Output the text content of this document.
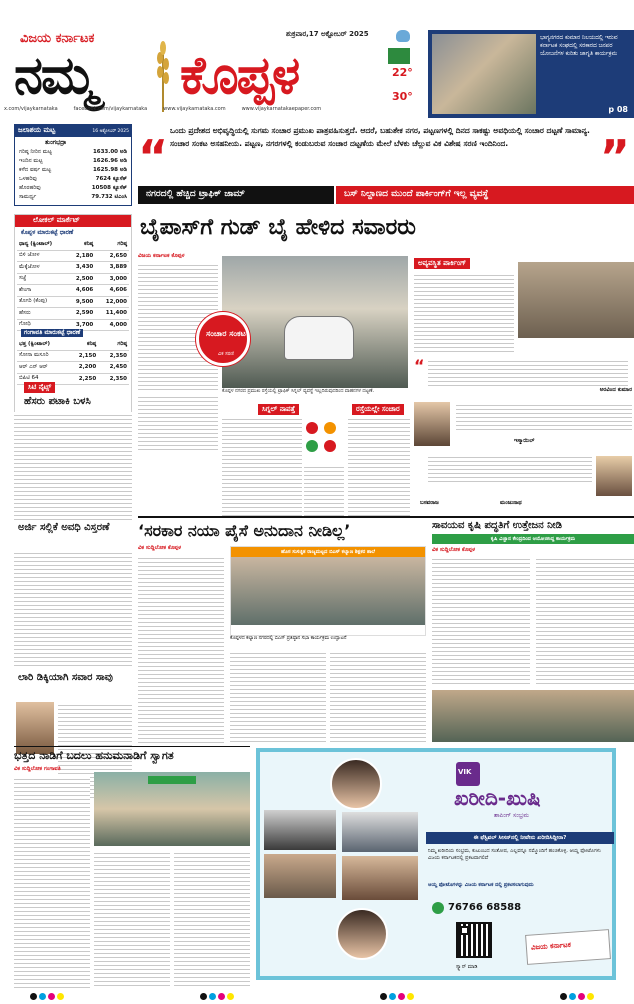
ವಿಜಯ ಕರ್ನಾಟಕ
ನಮ್ಮ ಕೊಪ್ಪಳ
ಶುಕ್ರವಾರ,17 ಅಕ್ಟೋಬರ್ 2025
22°
30°
ಭಾಗ್ಯನಗರದ ಕುಮಾರ ನಿಲಯದಲ್ಲಿ ಇರುವ ಕರ್ನಾಟಕ ಸಂಘದಲ್ಲಿ ಸರಕಾರದ ಜನಪರ ಯೋಜನೆಗಳ ಕುರಿತು ಜಾಗೃತಿ ಕಾರ್ಯಕ್ರಮ
p 08
x.com/vijaykarnataka	facebook.com/vijaykarnataka	www.vijaykarnataka.com	www.vijaykarnatakaepaper.com
ಜಲಾಶಯ ಮಟ್ಟ	16 ಅಕ್ಟೋಬರ್ 2025
ತುಂಗಭದ್ರಾ
ಗರಿಷ್ಠ ನೀರಿನ ಮಟ್ಟ	1633.00 ಅಡಿ
ಇಂದಿನ ಮಟ್ಟ	1626.96 ಅಡಿ
ಕಳೆದ ವರ್ಷ ಮಟ್ಟ	1625.98 ಅಡಿ
ಒಳಹರಿವು	7624 ಕ್ಯೂಸೆಕ್
ಹೊರಹರಿವು	10508 ಕ್ಯೂಸೆಕ್
ಸಾಮರ್ಥ್ಯ	79.732 ಟಿಎಂಸಿ
ಲೋಕಲ್ ಮಾರ್ಕೆಟ್
ಕೊಪ್ಪಳ ಮಾರುಕಟ್ಟೆ ಧಾರಣೆ
ಧಾನ್ಯ (ಕ್ವಿಂಟಾಲ್)	ಕನಿಷ್ಠ	ಗರಿಷ್ಠ
ಬಿಳಿ ಜೋಳ	2,180	2,650
ಮೆಕ್ಕೆಜೋಳ	3,430	3,889
ಸಜ್ಜೆ	2,500	3,000
ಶೇಂಗಾ	4,606	4,606
ತೊಗರಿ (ಕೆಂಪು)	9,500	12,000
ಹೆಸರು	2,590	11,400
ಗೋಧಿ	3,700	4,000
ಗಂಗಾವತಿ ಮಾರುಕಟ್ಟೆ ಧಾರಣೆ
ಭತ್ತ (ಕ್ವಿಂಟಾಲ್)	ಕನಿಷ್ಠ	ಗರಿಷ್ಠ
ಸೋನಾ ಮಸೂರಿ	2,150	2,350
ಆರ್ ಎನ್ ಆರ್	2,200	2,450
ಬಿಪಿಟಿ 64	2,250	2,350
ಸಿಟಿ ನೈಟ್ಸ್
ಹೆಸರು ಪಟಾಕಿ ಬಳಸಿ
ಅರ್ಜಿ ಸಲ್ಲಿಕೆ ಅವಧಿ ವಿಸ್ತರಣೆ
ಲಾರಿ ಡಿಕ್ಕಿಯಾಗಿ ಸವಾರ ಸಾವು
“	”
ಒಂದು ಪ್ರದೇಶದ ಅಭಿವೃದ್ಧಿಯಲ್ಲಿ ಸುಗಮ ಸಂಚಾರ ಪ್ರಮುಖ ಪಾತ್ರವಹಿಸುತ್ತದೆ. ಆದರೆ, ಬಹುತೇಕ ನಗರ, ಪಟ್ಟಣಗಳಲ್ಲಿ ದಿನದ ಸಾಕಷ್ಟು ಅವಧಿಯಲ್ಲಿ ಸಂಚಾರ ದಟ್ಟಣೆ ಸಾಮಾನ್ಯ. ಸಂಚಾರ ಸಂಕಟ ಅಸಹನೀಯ. ಪಟ್ಟಣ, ನಗರಗಳಲ್ಲಿ ಕಂಡುಬರುವ ಸಂಚಾರ ದಟ್ಟಣೆಯ ಮೇಲೆ ಬೆಳಕು ಚೆಲ್ಲುವ ವಿಕ ವಿಶೇಷ ಸರಣಿ ಇಂದಿನಿಂದ.
ನಗರದಲ್ಲಿ ಹೆಚ್ಚಿದ ಟ್ರಾಫಿಕ್ ಜಾಮ್	ಬಸ್ ನಿಲ್ದಾಣದ ಮುಂದೆ ಪಾರ್ಕಿಂಗ್‌ಗೆ ಇಲ್ಲ ವ್ಯವಸ್ಥೆ
ಬೈಪಾಸ್‌ಗೆ ಗುಡ್ ಬೈ ಹೇಳಿದ ಸವಾರರು
ವಿಜಯ ಕರ್ನಾಟಕ ಕೊಪ್ಪಳ
ಸಂಚಾರ ಸಂಕಟ
ವಿಕ ಸರಣಿ
ಕೊಪ್ಪಳ ನಗರದ ಪ್ರಮುಖ ರಸ್ತೆಯಲ್ಲಿ ಟ್ರಾಫಿಕ್ ಸಿಗ್ನಲ್ ವ್ಯವಸ್ಥೆ ಇಲ್ಲದಿರುವುದರಿಂದ ವಾಹನಗಳ ದಟ್ಟಣೆ.
ಅವ್ಯವಸ್ಥಿತ ಪಾರ್ಕಿಂಗ್
“
ಅರವಿಂದ ಕುಮಾರ
ಸಿಗ್ನಲ್ ನಾಪತ್ತೆ	ರಸ್ತೆಯಲ್ಲೇ ಸಂಚಾರ
ಇಸ್ಮಾಯಿಲ್
ಮಂಜುನಾಥ
ಬಸವರಾಜ
‘ಸರಕಾರ ನಯಾ ಪೈಸೆ ಅನುದಾನ ನೀಡಿಲ್ಲ’
ವಿಕ ಸುದ್ದಿಲೋಕ ಕೊಪ್ಪಳ
ಹೊಸ ಸುಸಜ್ಜಿತ ರಾಜ್ಯಮಟ್ಟದ ಬಿಎಸ್ ಕಲ್ಯಾಣ ಶಿಕ್ಷಕರ ಶಾಲೆ
ಕೊಪ್ಪಳದ ಕಲ್ಯಾಣ ನಗರದಲ್ಲಿ ಬಿಎಸ್ ಪ್ರತಿಷ್ಠಾನ ಸಭಾ ಕಾರ್ಯಕ್ರಮ ಉದ್ಘಾಟನೆ
ಸಾವಯವ ಕೃಷಿ ಪದ್ಧತಿಗೆ ಉತ್ತೇಜನ ನೀಡಿ
ಕೃಷಿ ವಿಜ್ಞಾನ ಕೇಂದ್ರದಿಂದ ಆಯೋಜಿಸಿದ್ದ ಕಾರ್ಯಕ್ರಮ
ವಿಕ ಸುದ್ದಿಲೋಕ ಕೊಪ್ಪಳ
ಭತ್ತದ ನಾಡಿಗೆ ಬದಲು ಹನುಮನಾಡಿಗೆ ಸ್ವಾಗತ
ವಿಕ ಸುದ್ದಿಲೋಕ ಗಂಗಾವತಿ	VIK
ಖರೀದಿ-ಖುಷಿ
ಶಾಪಿಂಗ್ ಸಂಭ್ರಮ
ಈ ಫೆಸ್ಟಿವಲ್ ಸೀಸನ್‌ನಲ್ಲಿ ನೀವೇನು ಖರೀದಿಸಿದ್ದೀರಾ?
ನಿಮ್ಮ ಖರೀದಿಯ ಸಂಭ್ರಮ, ಕುಟುಂಬದ ಸಂತೋಷ, ಎಲ್ಲವನ್ನೂ ನಮ್ಮೊಂದಿಗೆ ಹಂಚಿಕೊಳ್ಳಿ. ಆಯ್ದ ಫೋಟೊಗಳು ವಿಜಯ ಕರ್ನಾಟಕದಲ್ಲಿ ಪ್ರಕಟವಾಗಲಿವೆ
ಆಯ್ದ ಫೋಟೊಗಳನ್ನು ವಿಜಯ ಕರ್ನಾಟಕ ದಲ್ಲಿ ಪ್ರಕಟಿಸಲಾಗುವುದು
76766 68588
ಸ್ಕ್ಯಾನ್ ಮಾಡಿ
ವಿಜಯ ಕರ್ನಾಟಕ
